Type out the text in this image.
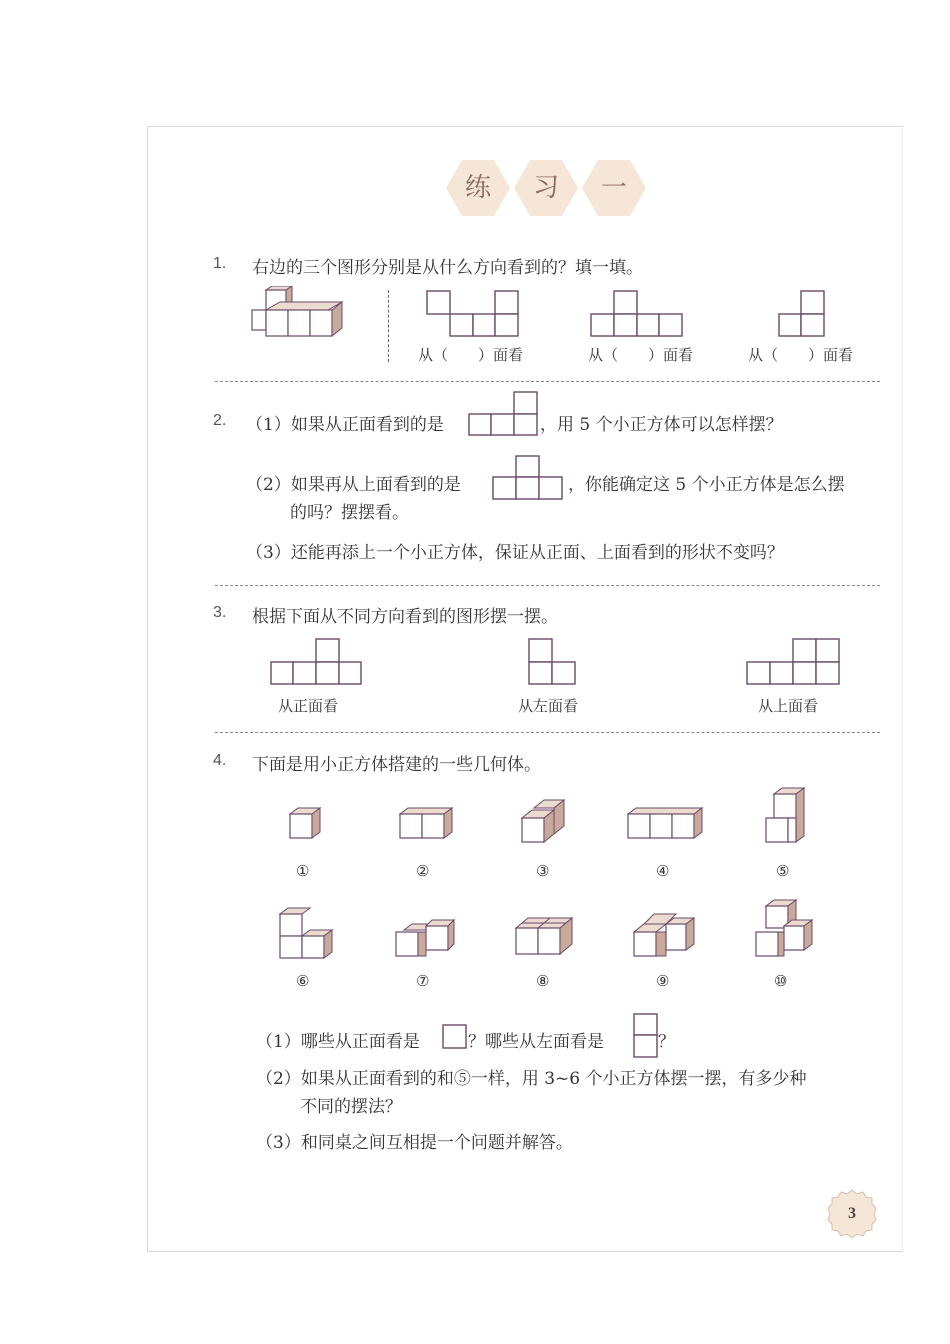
练	习	一
1. 右边的三个图形分别是从什么方向看到的？填一填。
从（　　）面看	从（　　）面看	从（　　）面看
2. （1）如果从正面看到的是	，用 5 个小正方体可以怎样摆？
（2）如果再从上面看到的是	，你能确定这 5 个小正方体是怎么摆
的吗？摆摆看。
（3）还能再添上一个小正方体，保证从正面、上面看到的形状不变吗？
3. 根据下面从不同方向看到的图形摆一摆。
从正面看	从左面看	从上面看
4. 下面是用小正方体搭建的一些几何体。
①	②	③	④	⑤
⑥	⑦	⑧	⑨	⑩
（1）哪些从正面看是	？哪些从左面看是	？
（2）如果从正面看到的和⑤一样，用 3~6 个小正方体摆一摆，有多少种
不同的摆法？
（3）和同桌之间互相提一个问题并解答。
3
